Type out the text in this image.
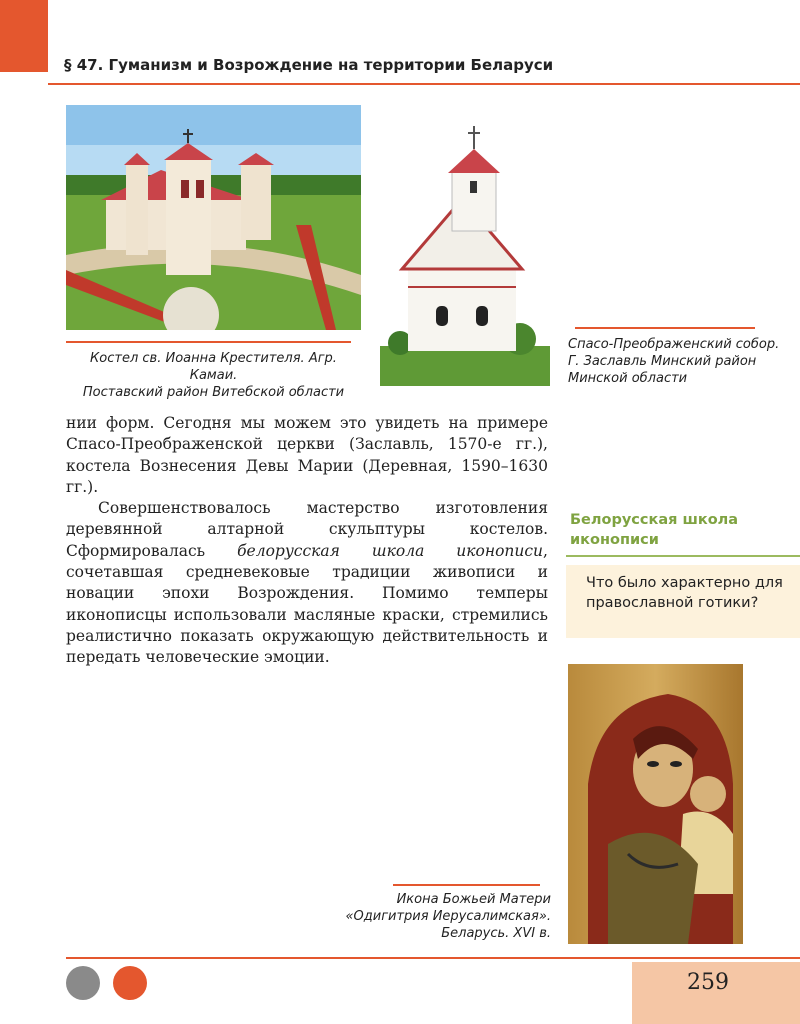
§ 47. Гуманизм и Возрождение на территории Беларуси
Костел св. Иоанна Крестителя. Агр. Камаи.
Поставский район Витебской области
Спасо-Преображенский собор.
Г. Заславль Минский район
Минской области

нии форм. Сегодня мы можем это увидеть на примере Спасо-Преображенской церкви (Заславль, 1570-е гг.), костела Вознесения Девы Марии (Деревная, 1590–1630 гг.).

Совершенствовалось мастерство изготовления деревянной алтарной скульптуры костелов. Сформировалась белорусская школа иконописи, сочетавшая средневековые традиции живописи и новации эпохи Возрождения. Помимо темперы иконописцы использовали масляные краски, стремились реалистично показать окружающую действительность и передать человеческие эмоции.

Белорусская школа
иконописи
Что было характерно для православной готики?
Икона Божьей Матери
«Одигитрия Иерусалимская».
Беларусь. XVI в.
259
